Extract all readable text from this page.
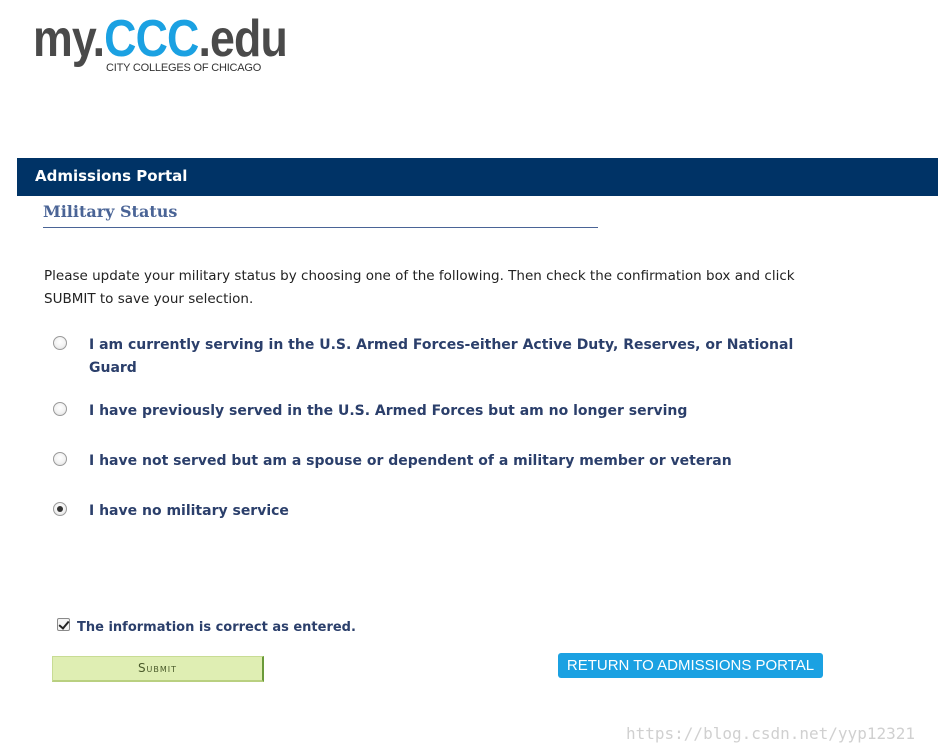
my.CCC.edu
CITY COLLEGES OF CHICAGO
Admissions Portal
Military Status
Please update your military status by choosing one of the following. Then check the confirmation box and click SUBMIT to save your selection.
I am currently serving in the U.S. Armed Forces-either Active Duty, Reserves, or National Guard
I have previously served in the U.S. Armed Forces but am no longer serving
I have not served but am a spouse or dependent of a military member or veteran
I have no military service
The information is correct as entered.
Submit	RETURN TO ADMISSIONS PORTAL
https://blog.csdn.net/yyp12321
